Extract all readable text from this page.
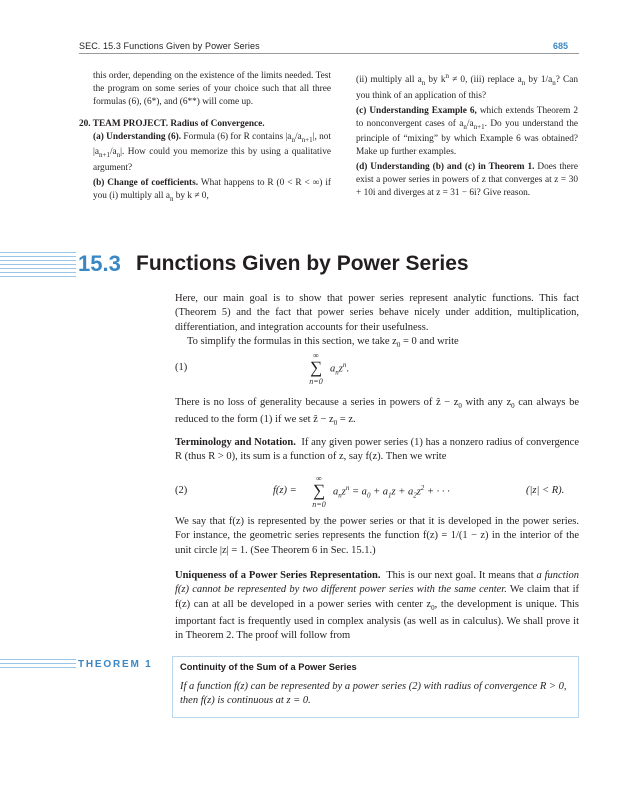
SEC. 15.3 Functions Given by Power Series	685

this order, depending on the existence of the limits needed. Test the program on some series of your choice such that all three formulas (6), (6*), and (6**) will come up.

20. TEAM PROJECT. Radius of Convergence.

(a) Understanding (6). Formula (6) for R contains $|a_n/a_{n+1}|$, not $|a_{n+1}/a_n|$. How could you memorize this by using a qualitative argument?

(b) Change of coefficients. What happens to R (0 < R < ∞) if you (i) multiply all $a_n$ by k ≠ 0,

(ii) multiply all $a_n$ by $k^n \ne 0$, (iii) replace $a_n$ by $1/a_n$? Can you think of an application of this?

(c) Understanding Example 6, which extends Theorem 2 to nonconvergent cases of $a_n/a_{n+1}$. Do you understand the principle of “mixing” by which Example 6 was obtained? Make up further examples.

(d) Understanding (b) and (c) in Theorem 1. Does there exist a power series in powers of z that converges at z = 30 + 10i and diverges at z = 31 − 6i? Give reason.

15.3 Functions Given by Power Series

Here, our main goal is to show that power series represent analytic functions. This fact (Theorem 5) and the fact that power series behave nicely under addition, multiplication, differentiation, and integration accounts for their usefulness.

To simplify the formulas in this section, we take $z_0 = 0$ and write

(1)
∞
∑
n=0
$a_nz^n$.

There is no loss of generality because a series in powers of ẑ − $z_0$ with any $z_0$ can always be reduced to the form (1) if we set ẑ − $z_0 = z$.

Terminology and Notation. If any given power series (1) has a nonzero radius of convergence R (thus R > 0), its sum is a function of z, say f(z). Then we write

(2)	f(z) =
∞
∑
n=0
$a_nz^n = a_0 + a_1z + a_2z^2$ + · · ·	(|z| < R).

We say that f(z) is represented by the power series or that it is developed in the power series. For instance, the geometric series represents the function f(z) = 1/(1 − z) in the interior of the unit circle |z| = 1. (See Theorem 6 in Sec. 15.1.)

Uniqueness of a Power Series Representation. This is our next goal. It means that a function f(z) cannot be represented by two different power series with the same center. We claim that if f(z) can at all be developed in a power series with center $z_0$, the development is unique. This important fact is frequently used in complex analysis (as well as in calculus). We shall prove it in Theorem 2. The proof will follow from

THEOREM 1	Continuity of the Sum of a Power Series
If a function f(z) can be represented by a power series (2) with radius of convergence R > 0, then f(z) is continuous at z = 0.
